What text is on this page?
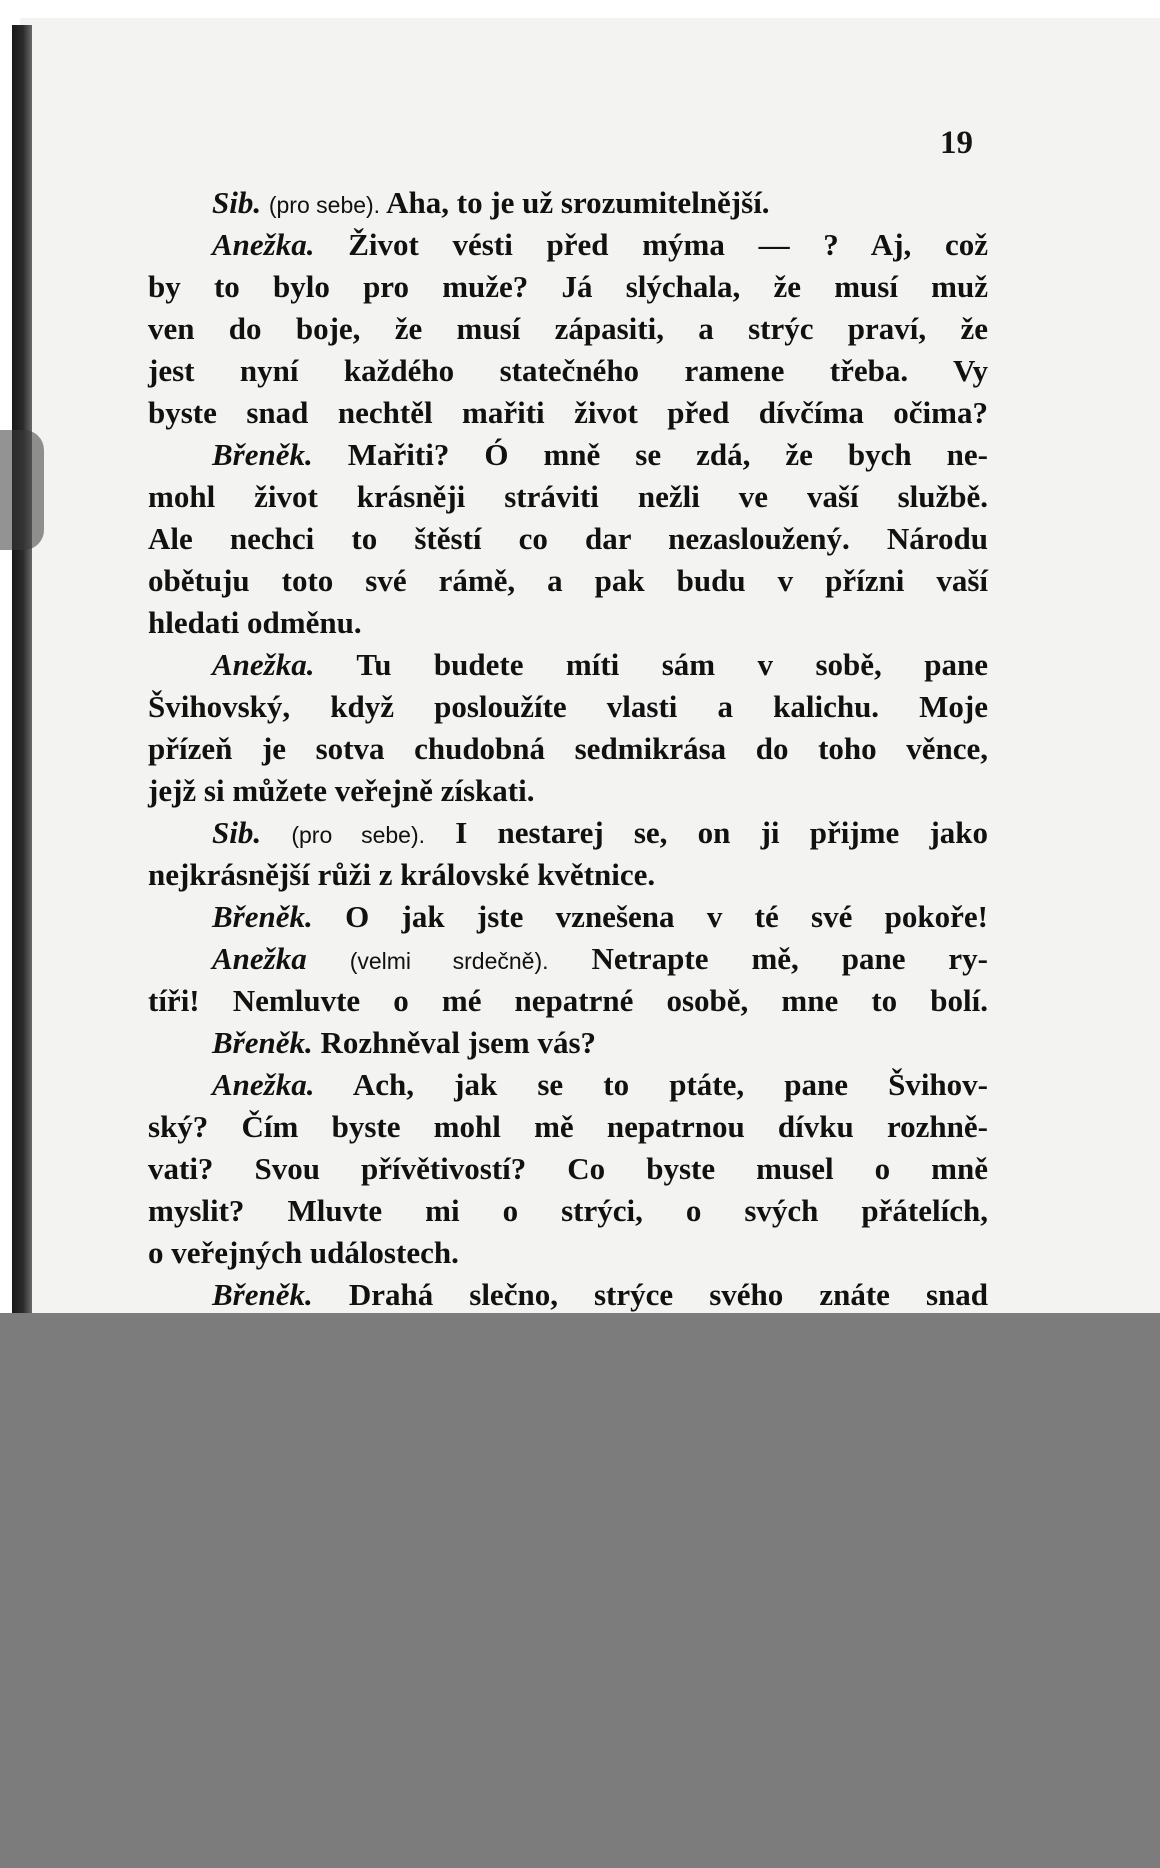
19
Sib. (pro sebe). Aha, to je už srozumitelnější.
Anežka. Život vésti před mýma — ? Aj, což
by to bylo pro muže? Já slýchala, že musí muž
ven do boje, že musí zápasiti, a strýc praví, že
jest nyní každého statečného ramene třeba. Vy
byste snad nechtěl mařiti život před dívčíma očima?
Břeněk. Mařiti? Ó mně se zdá, že bych ne-
mohl život krásněji stráviti nežli ve vaší službě.
Ale nechci to štěstí co dar nezasloužený. Národu
obětuju toto své rámě, a pak budu v přízni vaší
hledati odměnu.
Anežka. Tu budete míti sám v sobě, pane
Švihovský, když posloužíte vlasti a kalichu. Moje
přízeň je sotva chudobná sedmikrása do toho věnce,
jejž si můžete veřejně získati.
Sib. (pro sebe). I nestarej se, on ji přijme jako
nejkrásnější růži z královské květnice.
Břeněk. O jak jste vznešena v té své pokoře!
Anežka (velmi srdečně). Netrapte mě, pane ry-
tíři! Nemluvte o mé nepatrné osobě, mne to bolí.
Břeněk. Rozhněval jsem vás?
Anežka. Ach, jak se to ptáte, pane Švihov-
ský? Čím byste mohl mě nepatrnou dívku rozhně-
vati? Svou přívětivostí? Co byste musel o mně
myslit? Mluvte mi o strýci, o svých přátelích,
o veřejných událostech.
Břeněk. Drahá slečno, strýce svého znáte snad
